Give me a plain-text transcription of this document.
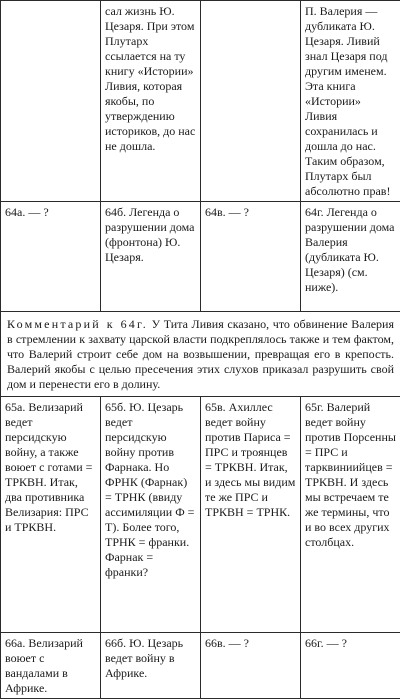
	сал жизнь Ю. Цезаря. При этом Плутарх ссылается на ту книгу «Истории» Ливия, которая якобы, по утверждению историков, до нас не дошла.		П. Валерия — дубликата Ю. Цезаря. Ливий знал Цезаря под другим именем. Эта книга «Истории» Ливия сохранилась и дошла до нас. Таким образом, Плутарх был абсолютно прав!

64а. — ?	64б. Легенда о разрушении дома (фронтона) Ю. Цезаря.	64в. — ?	64г. Легенда о разрушении дома Валерия (дубликата Ю. Цезаря) (см. ниже).

Комментарий к 64г. У Тита Ливия сказано, что обвинение Валерия в стремлении к захвату царской власти подкреплялось также и тем фактом, что Валерий строит себе дом на возвышении, превращая его в крепость. Валерий якобы с целью пресечения этих слухов приказал разрушить свой дом и перенести его в долину.			

65а. Велизарий ведет персидскую войну, а также воюет с готами = ТРКВН. Итак, два противника Велизария: ПРС и ТРКВН.	65б. Ю. Цезарь ведет персидскую войну против Фарнака. Но ФРНК (Фарнак) = ТРНК (ввиду ассимиляции Ф = Т). Более того, ТРНК = франки. Фарнак = франки?	65в. Ахиллес ведет войну против Париса = ПРС и троянцев = ТРКВН. Итак, и здесь мы видим те же ПРС и ТРКВН = ТРНК.	65г. Валерий ведет войну против Порсенны = ПРС и тарквиниийцев = ТРКВН. И здесь мы встречаем те же термины, что и во всех других столбцах.

66а. Велизарий воюет с вандалами в Африке.	66б. Ю. Цезарь ведет войну в Африке.	66в. — ?	66г. — ?
